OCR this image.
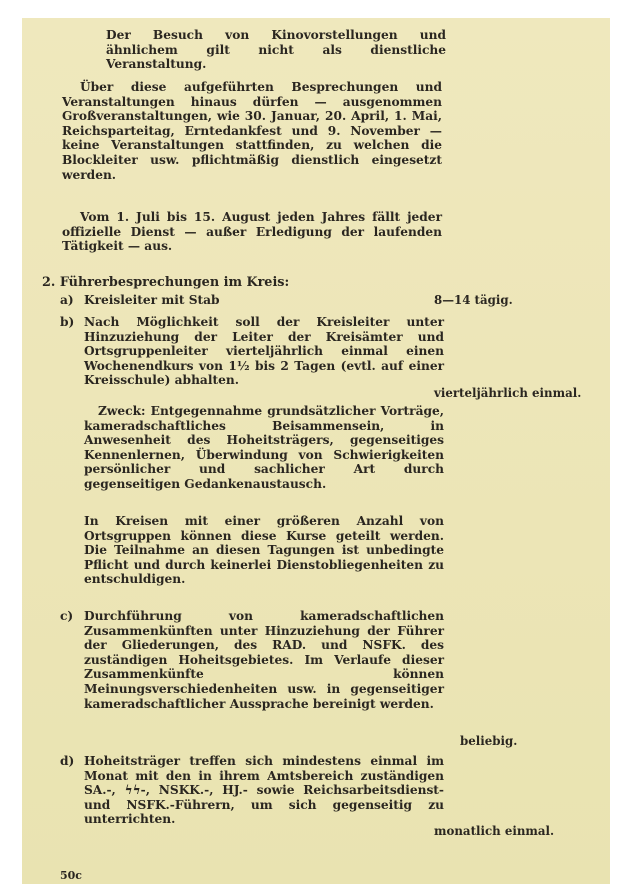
Der Besuch von Kinovorstellungen und ähnlichem gilt nicht als dienstliche Veranstaltung.

Über diese aufgeführten Besprechungen und Veranstaltungen hinaus dürfen — ausgenommen Großveranstaltungen, wie 30. Januar, 20. April, 1. Mai, Reichsparteitag, Erntedankfest und 9. November — keine Veranstaltungen stattfinden, zu welchen die Blockleiter usw. pflichtmäßig dienstlich eingesetzt werden.

Vom 1. Juli bis 15. August jeden Jahres fällt jeder offizielle Dienst — außer Erledigung der laufenden Tätigkeit — aus.

2. Führerbesprechungen im Kreis:

a) Kreisleiter mit Stab	8—14 tägig.
b) Nach Möglichkeit soll der Kreisleiter unter Hinzuziehung der Leiter der Kreisämter und Ortsgruppenleiter vierteljährlich einmal einen Wochenendkurs von 1½ bis 2 Tagen (evtl. auf einer Kreisschule) abhalten.

vierteljährlich einmal.

Zweck: Entgegennahme grundsätzlicher Vorträge, kameradschaftliches Beisammensein, in Anwesenheit des Hoheitsträgers, gegenseitiges Kennenlernen, Überwindung von Schwierigkeiten persönlicher und sachlicher Art durch gegenseitigen Gedankenaustausch.

In Kreisen mit einer größeren Anzahl von Ortsgruppen können diese Kurse geteilt werden. Die Teilnahme an diesen Tagungen ist unbedingte Pflicht und durch keinerlei Dienstobliegenheiten zu entschuldigen.

c) Durchführung von kameradschaftlichen Zusammenkünften unter Hinzuziehung der Führer der Gliederungen, des RAD. und NSFK. des zuständigen Hoheitsgebietes. Im Verlaufe dieser Zusammenkünfte können Meinungsverschiedenheiten usw. in gegenseitiger kameradschaftlicher Aussprache bereinigt werden.

beliebig.
d) Hoheitsträger treffen sich mindestens einmal im Monat mit den in ihrem Amtsbereich zuständigen SA.-, ϟϟ-, NSKK.-, HJ.- sowie Reichsarbeitsdienst- und NSFK.-Führern, um sich gegenseitig zu unterrichten.

monatlich einmal.
50c
